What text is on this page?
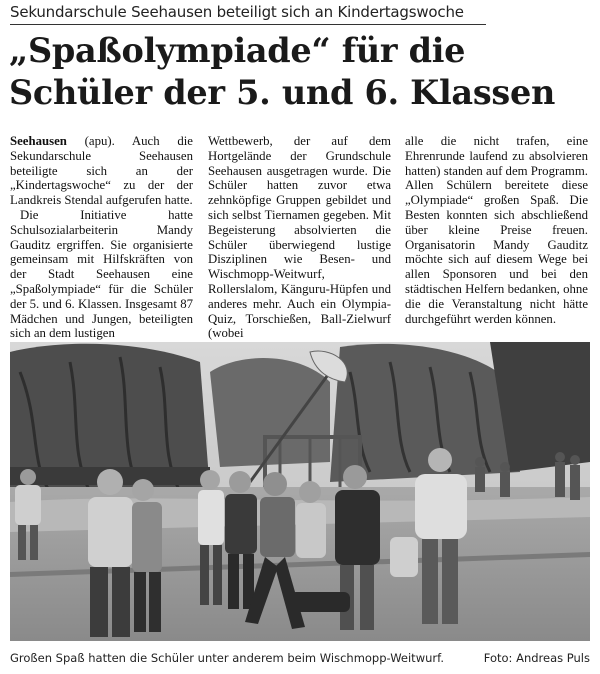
Sekundarschule Seehausen beteiligt sich an Kindertagswoche
„Spaßolympiade“ für die
Schüler der 5. und 6. Klassen

Seehausen (apu). Auch die Sekundarschule Seehausen beteiligte sich an der „Kindertagswoche“ zu der der Landkreis Stendal aufgerufen hatte.

Die Initiative hatte Schulsozialarbeiterin Mandy Gauditz ergriffen. Sie organisierte gemeinsam mit Hilfskräften von der Stadt Seehausen eine „Spaßolympiade“ für die Schüler der 5. und 6. Klassen. Insgesamt 87 Mädchen und Jungen, beteiligten sich an dem lustigen

Wettbewerb, der auf dem Hortgelände der Grundschule Seehausen ausgetragen wurde. Die Schüler hatten zuvor etwa zehnköpfige Gruppen gebildet und sich selbst Tiernamen gegeben. Mit Begeisterung absolvierten die Schüler überwiegend lustige Disziplinen wie Besen- und Wischmopp-Weitwurf, Rollerslalom, Känguru-Hüpfen und anderes mehr. Auch ein Olympia-Quiz, Torschießen, Ball-Zielwurf (wobei

alle die nicht trafen, eine Ehrenrunde laufend zu absolvieren hatten) standen auf dem Programm. Allen Schülern bereitete diese „Olympiade“ großen Spaß. Die Besten konnten sich abschließend über kleine Preise freuen. Organisatorin Mandy Gauditz möchte sich auf diesem Wege bei allen Sponsoren und bei den städtischen Helfern bedanken, ohne die die Veranstaltung nicht hätte durchgeführt werden können.

Großen Spaß hatten die Schüler unter anderem beim Wischmopp-Weitwurf.	Foto: Andreas Puls
